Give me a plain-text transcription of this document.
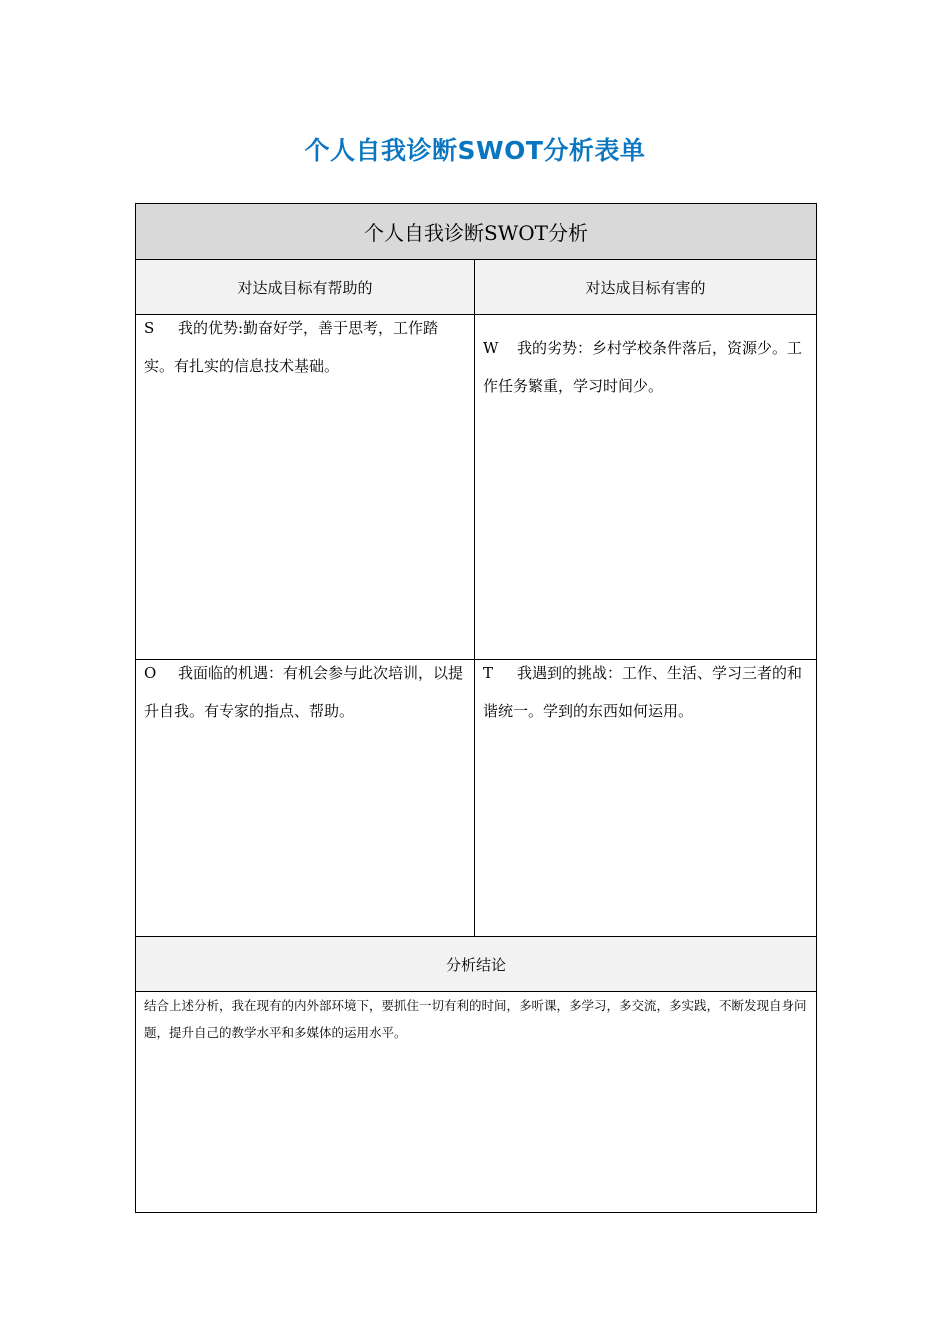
个人自我诊断SWOT分析表单
个人自我诊断SWOT分析	
对达成目标有帮助的	对达成目标有害的

S 我的优势:勤奋好学，善于思考，工作踏实。有扎实的信息技术基础。	W 我的劣势：乡村学校条件落后，资源少。工作任务繁重，学习时间少。

O 我面临的机遇：有机会参与此次培训，以提升自我。有专家的指点、帮助。	T 我遇到的挑战：工作、生活、学习三者的和谐统一。学到的东西如何运用。

分析结论	
结合上述分析，我在现有的内外部环境下，要抓住一切有利的时间，多听课，多学习，多交流，多实践，不断发现自身问题，提升自己的教学水平和多媒体的运用水平。	
